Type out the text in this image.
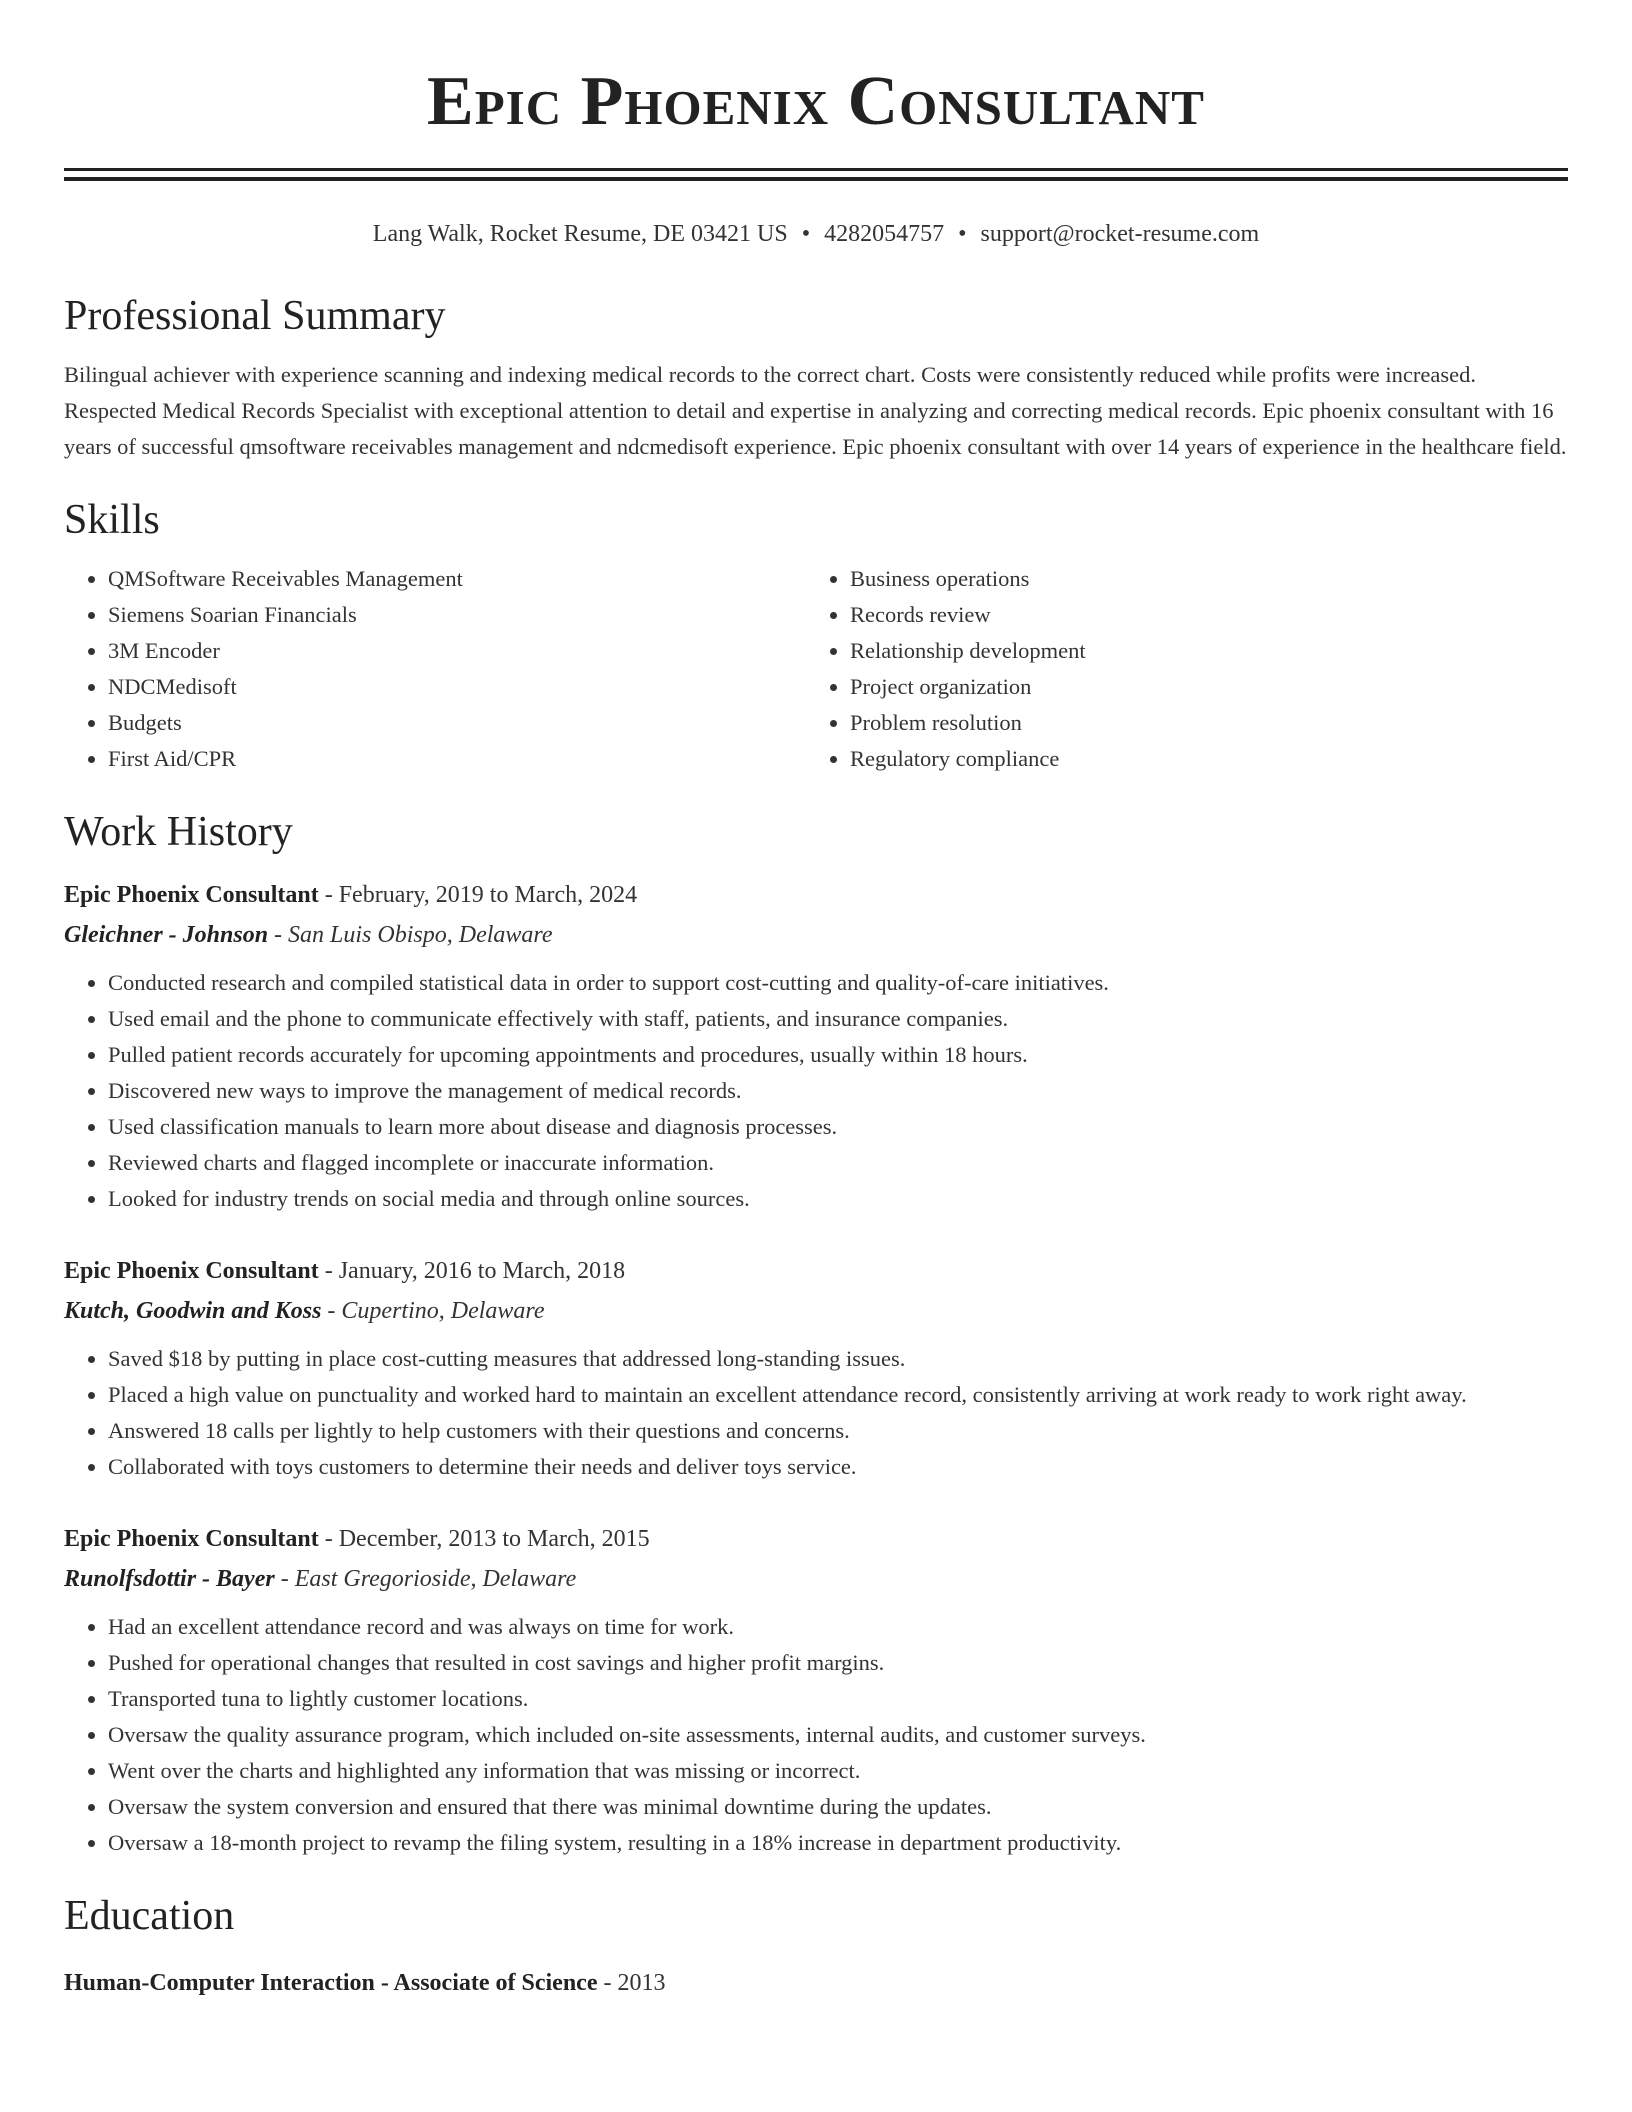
Epic Phoenix Consultant
Lang Walk, Rocket Resume, DE 03421 US • 4282054757 • support@rocket-resume.com
Professional Summary
Bilingual achiever with experience scanning and indexing medical records to the correct chart. Costs were consistently reduced while profits were increased. Respected Medical Records Specialist with exceptional attention to detail and expertise in analyzing and correcting medical records. Epic phoenix consultant with 16 years of successful qmsoftware receivables management and ndcmedisoft experience. Epic phoenix consultant with over 14 years of experience in the healthcare field.
Skills
• QMSoftware Receivables Management
• Siemens Soarian Financials
• 3M Encoder
• NDCMedisoft
• Budgets
• First Aid/CPR
• Business operations
• Records review
• Relationship development
• Project organization
• Problem resolution
• Regulatory compliance
Work History
Epic Phoenix Consultant - February, 2019 to March, 2024
Gleichner - Johnson - San Luis Obispo, Delaware
• Conducted research and compiled statistical data in order to support cost-cutting and quality-of-care initiatives.
• Used email and the phone to communicate effectively with staff, patients, and insurance companies.
• Pulled patient records accurately for upcoming appointments and procedures, usually within 18 hours.
• Discovered new ways to improve the management of medical records.
• Used classification manuals to learn more about disease and diagnosis processes.
• Reviewed charts and flagged incomplete or inaccurate information.
• Looked for industry trends on social media and through online sources.
Epic Phoenix Consultant - January, 2016 to March, 2018
Kutch, Goodwin and Koss - Cupertino, Delaware
• Saved $18 by putting in place cost-cutting measures that addressed long-standing issues.
• Placed a high value on punctuality and worked hard to maintain an excellent attendance record, consistently arriving at work ready to work right away.
• Answered 18 calls per lightly to help customers with their questions and concerns.
• Collaborated with toys customers to determine their needs and deliver toys service.
Epic Phoenix Consultant - December, 2013 to March, 2015
Runolfsdottir - Bayer - East Gregorioside, Delaware
• Had an excellent attendance record and was always on time for work.
• Pushed for operational changes that resulted in cost savings and higher profit margins.
• Transported tuna to lightly customer locations.
• Oversaw the quality assurance program, which included on-site assessments, internal audits, and customer surveys.
• Went over the charts and highlighted any information that was missing or incorrect.
• Oversaw the system conversion and ensured that there was minimal downtime during the updates.
• Oversaw a 18-month project to revamp the filing system, resulting in a 18% increase in department productivity.
Education
Human-Computer Interaction - Associate of Science - 2013
